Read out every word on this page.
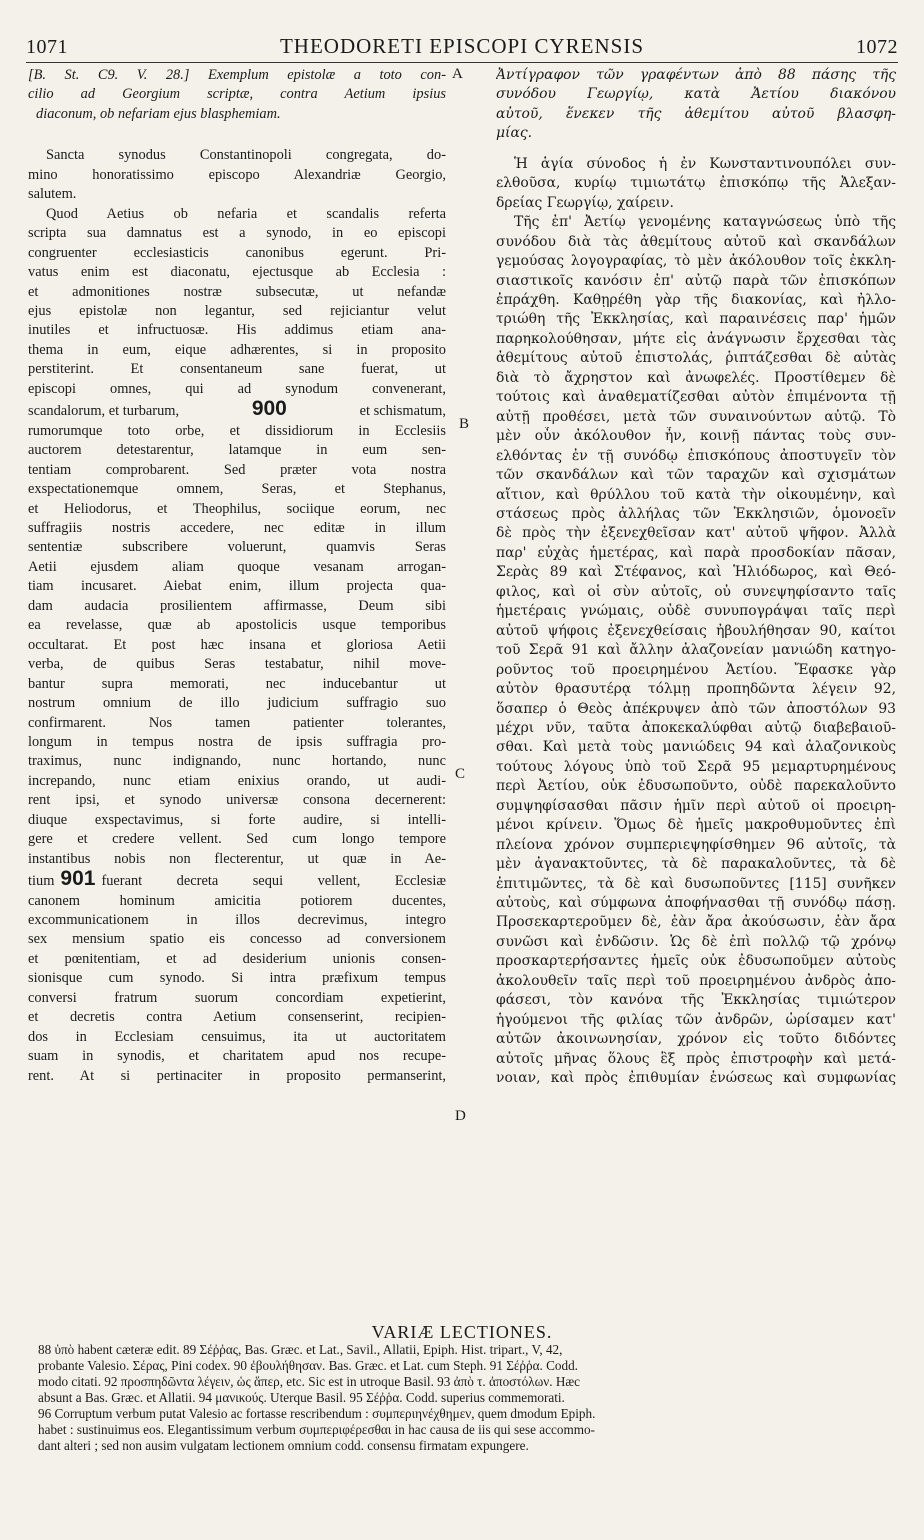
1071	THEODORETI EPISCOPI CYRENSIS	1072
A
B
C
D
[B. St. C9. V. 28.] Exemplum epistolæ a toto con-
cilio ad Georgium scriptæ, contra Aetium ipsius
diaconum, ob nefariam ejus blasphemiam.
Sancta synodus Constantinopoli congregata, do-
mino honoratissimo episcopo Alexandriæ Georgio,
salutem.
Quod Aetius ob nefaria et scandalis referta
scripta sua damnatus est a synodo, in eo episcopi
congruenter ecclesiasticis canonibus egerunt. Pri-
vatus enim est diaconatu, ejectusque ab Ecclesia :
et admonitiones nostræ subsecutæ, ut nefandæ
ejus epistolæ non legantur, sed rejiciantur velut
inutiles et infructuosæ. His addimus etiam ana-
thema in eum, eique adhærentes, si in proposito
perstiterint. Et consentaneum sane fuerat, ut
episcopi omnes, qui ad synodum convenerant,
scandalorum, et turbarum,	900	et schismatum,
rumorumque toto orbe, et dissidiorum in Ecclesiis
auctorem detestarentur, latamque in eum sen-
tentiam comprobarent. Sed præter vota nostra
exspectationemque omnem, Seras, et Stephanus,
et Heliodorus, et Theophilus, sociique eorum, nec
suffragiis nostris accedere, nec editæ in illum
sententiæ subscribere voluerunt, quamvis Seras
Aetii ejusdem aliam quoque vesanam arrogan-
tiam incusaret. Aiebat enim, illum projecta qua-
dam audacia prosilientem affirmasse, Deum sibi
ea revelasse, quæ ab apostolicis usque temporibus
occultarat. Et post hæc insana et gloriosa Aetii
verba, de quibus Seras testabatur, nihil move-
bantur supra memorati, nec inducebantur ut
nostrum omnium de illo judicium suffragio suo
confirmarent. Nos tamen patienter tolerantes,
longum in tempus nostra de ipsis suffragia pro-
traximus, nunc indignando, nunc hortando, nunc
increpando, nunc etiam enixius orando, ut audi-
rent ipsi, et synodo universæ consona decernerent:
diuque exspectavimus, si forte audire, si intelli-
gere et credere vellent. Sed cum longo tempore
instantibus nobis non flecterentur, ut quæ in Ae-
tium 901 fuerant decreta sequi vellent, Ecclesiæ
canonem hominum amicitia potiorem ducentes,
excommunicationem in illos decrevimus, integro
sex mensium spatio eis concesso ad conversionem
et pœnitentiam, et ad desiderium unionis consen-
sionisque cum synodo. Si intra præfixum tempus
conversi fratrum suorum concordiam expetierint,
et decretis contra Aetium consenserint, recipien-
dos in Ecclesiam censuimus, ita ut auctoritatem
suam in synodis, et charitatem apud nos recupe-
rent. At si pertinaciter in proposito permanserint,
Ἀντίγραφον τῶν γραφέντων ἀπὸ 88 πάσης τῆς
συνόδου Γεωργίῳ, κατὰ Ἀετίου διακόνου
αὐτοῦ, ἕνεκεν τῆς ἀθεμίτου αὐτοῦ βλασφη-
μίας.
Ἡ ἁγία σύνοδος ἡ ἐν Κωνσταντινουπόλει συν-
ελθοῦσα, κυρίῳ τιμιωτάτῳ ἐπισκόπῳ τῆς Ἀλεξαν-
δρείας Γεωργίῳ, χαίρειν.
Τῆς ἐπ' Ἀετίῳ γενομένης καταγνώσεως ὑπὸ τῆς
συνόδου διὰ τὰς ἀθεμίτους αὐτοῦ καὶ σκανδάλων
γεμούσας λογογραφίας, τὸ μὲν ἀκόλουθον τοῖς ἐκκλη-
σιαστικοῖς κανόσιν ἐπ' αὐτῷ παρὰ τῶν ἐπισκόπων
ἐπράχθη. Καθῃρέθη γὰρ τῆς διακονίας, καὶ ἠλλο-
τριώθη τῆς Ἐκκλησίας, καὶ παραινέσεις παρ' ἡμῶν
παρηκολούθησαν, μήτε εἰς ἀνάγνωσιν ἔρχεσθαι τὰς
ἀθεμίτους αὐτοῦ ἐπιστολάς, ῥιπτάζεσθαι δὲ αὐτὰς
διὰ τὸ ἄχρηστον καὶ ἀνωφελές. Προστίθεμεν δὲ
τούτοις καὶ ἀναθεματίζεσθαι αὐτὸν ἐπιμένοντα τῇ
αὐτῇ προθέσει, μετὰ τῶν συναινούντων αὐτῷ. Τὸ
μὲν οὖν ἀκόλουθον ἦν, κοινῇ πάντας τοὺς συν-
ελθόντας ἐν τῇ συνόδῳ ἐπισκόπους ἀποστυγεῖν τὸν
τῶν σκανδάλων καὶ τῶν ταραχῶν καὶ σχισμάτων
αἴτιον, καὶ θρύλλου τοῦ κατὰ τὴν οἰκουμένην, καὶ
στάσεως πρὸς ἀλλήλας τῶν Ἐκκλησιῶν, ὁμονοεῖν
δὲ πρὸς τὴν ἐξενεχθεῖσαν κατ' αὐτοῦ ψῆφον. Ἀλλὰ
παρ' εὐχὰς ἡμετέρας, καὶ παρὰ προσδοκίαν πᾶσαν,
Σερὰς 89 καὶ Στέφανος, καὶ Ἡλιόδωρος, καὶ Θεό-
φιλος, καὶ οἱ σὺν αὐτοῖς, οὐ συνεψηφίσαντο ταῖς
ἡμετέραις γνώμαις, οὐδὲ συνυπογράψαι ταῖς περὶ
αὐτοῦ ψήφοις ἐξενεχθείσαις ἠβουλήθησαν 90, καίτοι
τοῦ Σερᾶ 91 καὶ ἄλλην ἀλαζονείαν μανιώδη κατηγο-
ροῦντος τοῦ προειρημένου Ἀετίου. Ἔφασκε γὰρ
αὐτὸν θρασυτέρᾳ τόλμῃ προπηδῶντα λέγειν 92,
ὅσαπερ ὁ Θεὸς ἀπέκρυψεν ἀπὸ τῶν ἀποστόλων 93
μέχρι νῦν, ταῦτα ἀποκεκαλύφθαι αὐτῷ διαβεβαιοῦ-
σθαι. Καὶ μετὰ τοὺς μανιώδεις 94 καὶ ἀλαζονικοὺς
τούτους λόγους ὑπὸ τοῦ Σερᾶ 95 μεμαρτυρημένους
περὶ Ἀετίου, οὐκ ἐδυσωποῦντο, οὐδὲ παρεκαλοῦντο
συμψηφίσασθαι πᾶσιν ἡμῖν περὶ αὐτοῦ οἱ προειρη-
μένοι κρίνειν. Ὅμως δὲ ἡμεῖς μακροθυμοῦντες ἐπὶ
πλείονα χρόνον συμπεριεψηφίσθημεν 96 αὐτοῖς, τὰ
μὲν ἀγανακτοῦντες, τὰ δὲ παρακαλοῦντες, τὰ δὲ
ἐπιτιμῶντες, τὰ δὲ καὶ δυσωποῦντες [115] συνῆκεν
αὐτοὺς, καὶ σύμφωνα ἀποφήνασθαι τῇ συνόδῳ πάσῃ.
Προσεκαρτεροῦμεν δὲ, ἐὰν ἄρα ἀκούσωσιν, ἐὰν ἄρα
συνῶσι καὶ ἐνδῶσιν. Ὡς δὲ ἐπὶ πολλῷ τῷ χρόνῳ
προσκαρτερήσαντες ἡμεῖς οὐκ ἐδυσωποῦμεν αὐτοὺς
ἀκολουθεῖν ταῖς περὶ τοῦ προειρημένου ἀνδρὸς ἀπο-
φάσεσι, τὸν κανόνα τῆς Ἐκκλησίας τιμιώτερον
ἡγούμενοι τῆς φιλίας τῶν ἀνδρῶν, ὡρίσαμεν κατ'
αὐτῶν ἀκοινωνησίαν, χρόνον εἰς τοῦτο διδόντες
αὐτοῖς μῆνας ὅλους ἓξ πρὸς ἐπιστροφὴν καὶ μετά-
νοιαν, καὶ πρὸς ἐπιθυμίαν ἑνώσεως καὶ συμφωνίας
VARIÆ LECTIONES.
88 ὑπὸ habent cæteræ edit. 89 Σέῤῥας, Bas. Græc. et Lat., Savil., Allatii, Epiph. Hist. tripart., V, 42,
probante Valesio. Σέρας, Pini codex. 90 ἐβουλήθησαν. Bas. Græc. et Lat. cum Steph. 91 Σέῤῥα. Codd.
modo citati. 92 προσπηδῶντα λέγειν, ὡς ἅπερ, etc. Sic est in utroque Basil. 93 ἀπὸ τ. ἀποστόλων. Hæc
absunt a Bas. Græc. et Allatii. 94 μανικούς. Uterque Basil. 95 Σέῤῥα. Codd. superius commemorati.
96 Corruptum verbum putat Valesio ac fortasse rescribendum : συμπεριηνέχθημεν, quem dmodum Epiph.
habet : sustinuimus eos. Elegantissimum verbum συμπεριφέρεσθαι in hac causa de iis qui sese accommo-
dant alteri ; sed non ausim vulgatam lectionem omnium codd. consensu firmatam expungere.
